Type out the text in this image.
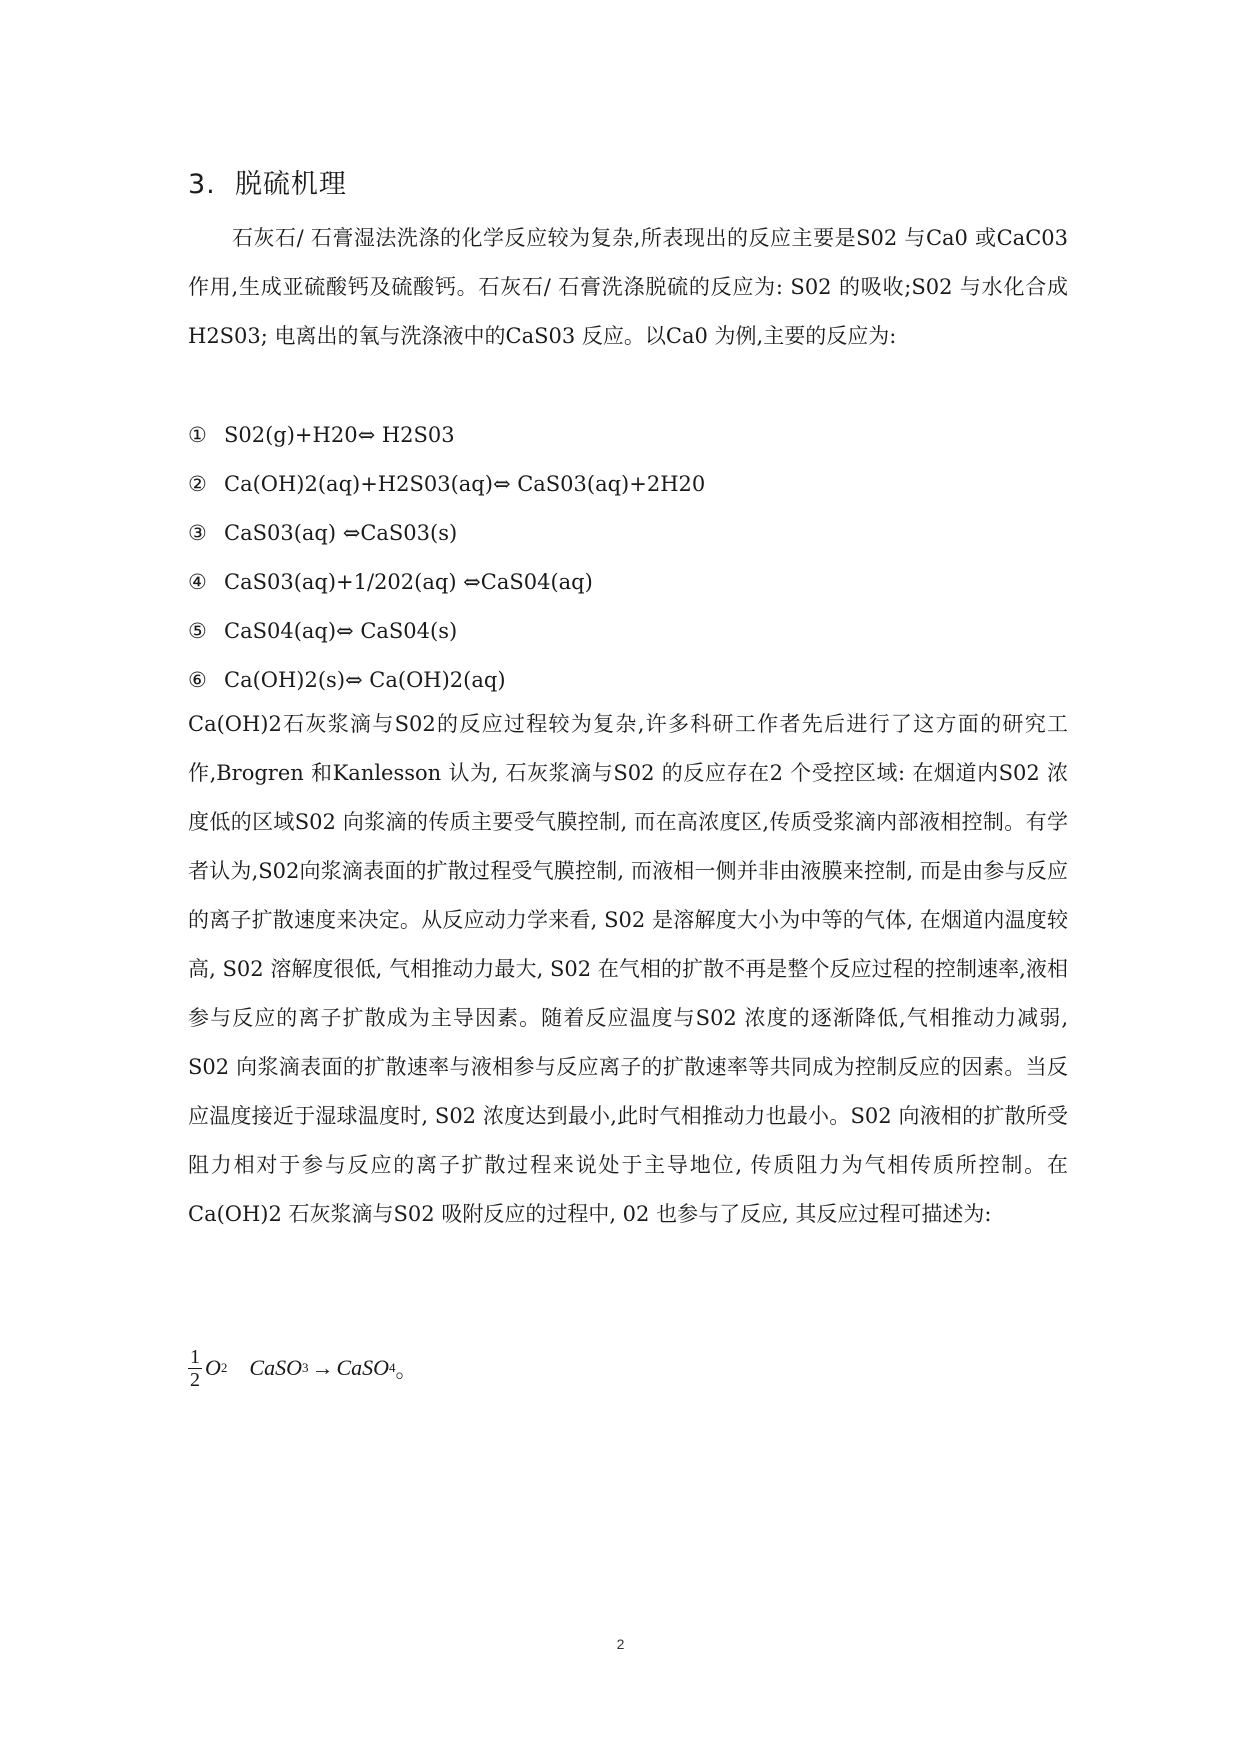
3. 脱硫机理

石灰石/ 石膏湿法洗涤的化学反应较为复杂,所表现出的反应主要是S02 与Ca0 或CaC03 作用,生成亚硫酸钙及硫酸钙。石灰石/ 石膏洗涤脱硫的反应为: S02 的吸收;S02 与水化合成H2S03; 电离出的氧与洗涤液中的CaS03 反应。以Ca0 为例,主要的反应为:

① S02(g)+H20⇔ H2S03
② Ca(OH)2(aq)+H2S03(aq)⇔ CaS03(aq)+2H20
③ CaS03(aq) ⇔CaS03(s)
④ CaS03(aq)+1/202(aq) ⇔CaS04(aq)
⑤ CaS04(aq)⇔ CaS04(s)
⑥ Ca(OH)2(s)⇔ Ca(OH)2(aq)

Ca(OH)2石灰浆滴与S02的反应过程较为复杂,许多科研工作者先后进行了这方面的研究工作,Brogren 和Kanlesson 认为, 石灰浆滴与S02 的反应存在2 个受控区域: 在烟道内S02 浓度低的区域S02 向浆滴的传质主要受气膜控制, 而在高浓度区,传质受浆滴内部液相控制。有学者认为,S02向浆滴表面的扩散过程受气膜控制, 而液相一侧并非由液膜来控制, 而是由参与反应的离子扩散速度来决定。从反应动力学来看, S02 是溶解度大小为中等的气体, 在烟道内温度较高, S02 溶解度很低, 气相推动力最大, S02 在气相的扩散不再是整个反应过程的控制速率,液相参与反应的离子扩散成为主导因素。随着反应温度与S02 浓度的逐渐降低,气相推动力减弱, S02 向浆滴表面的扩散速率与液相参与反应离子的扩散速率等共同成为控制反应的因素。当反应温度接近于湿球温度时, S02 浓度达到最小,此时气相推动力也最小。S02 向液相的扩散所受阻力相对于参与反应的离子扩散过程来说处于主导地位, 传质阻力为气相传质所控制。在Ca(OH)2 石灰浆滴与S02 吸附反应的过程中, 02 也参与了反应, 其反应过程可描述为:

$\frac{1}{2}$ O 2 CaSO 3 → CaSO 4 。
2
